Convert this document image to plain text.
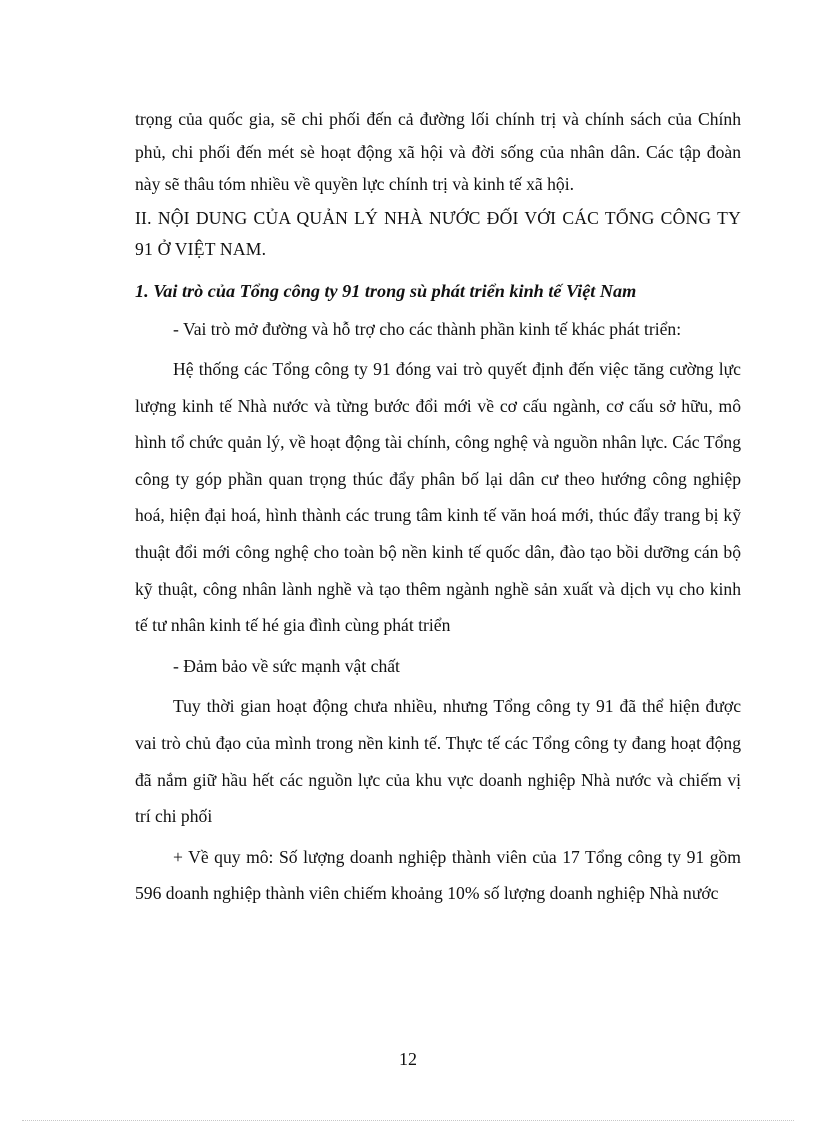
trọng của quốc gia, sẽ chi phối đến cả đường lối chính trị và chính sách của Chính phủ, chi phối đến mét sè hoạt động xã hội và đời sống của nhân dân. Các tập đoàn này sẽ thâu tóm nhiều về quyền lực chính trị và kinh tế xã hội.

II. NỘI DUNG CỦA QUẢN LÝ NHÀ NƯỚC ĐỐI VỚI CÁC TỔNG CÔNG TY 91 Ở VIỆT NAM.

1. Vai trò của Tổng công ty 91 trong sù phát triển kinh tế Việt Nam

- Vai trò mở đường và hỗ trợ cho các thành phần kinh tế khác phát triển:

Hệ thống các Tổng công ty 91 đóng vai trò quyết định đến việc tăng cường lực lượng kinh tế Nhà nước và từng bước đổi mới về cơ cấu ngành, cơ cấu sở hữu, mô hình tổ chức quản lý, về hoạt động tài chính, công nghệ và nguồn nhân lực. Các Tổng công ty góp phần quan trọng thúc đẩy phân bố lại dân cư theo hướng công nghiệp hoá, hiện đại hoá, hình thành các trung tâm kinh tế văn hoá mới, thúc đẩy trang bị kỹ thuật đổi mới công nghệ cho toàn bộ nền kinh tế quốc dân, đào tạo bồi dưỡng cán bộ kỹ thuật, công nhân lành nghề và tạo thêm ngành nghề sản xuất và dịch vụ cho kinh tế tư nhân kinh tế hé gia đình cùng phát triển

- Đảm bảo về sức mạnh vật chất

Tuy thời gian hoạt động chưa nhiều, nhưng Tổng công ty 91 đã thể hiện được vai trò chủ đạo của mình trong nền kinh tế. Thực tế các Tổng công ty đang hoạt động đã nắm giữ hầu hết các nguồn lực của khu vực doanh nghiệp Nhà nước và chiếm vị trí chi phối

+ Về quy mô: Số lượng doanh nghiệp thành viên của 17 Tổng công ty 91 gồm 596 doanh nghiệp thành viên chiếm khoảng 10% số lượng doanh nghiệp Nhà nước

12
